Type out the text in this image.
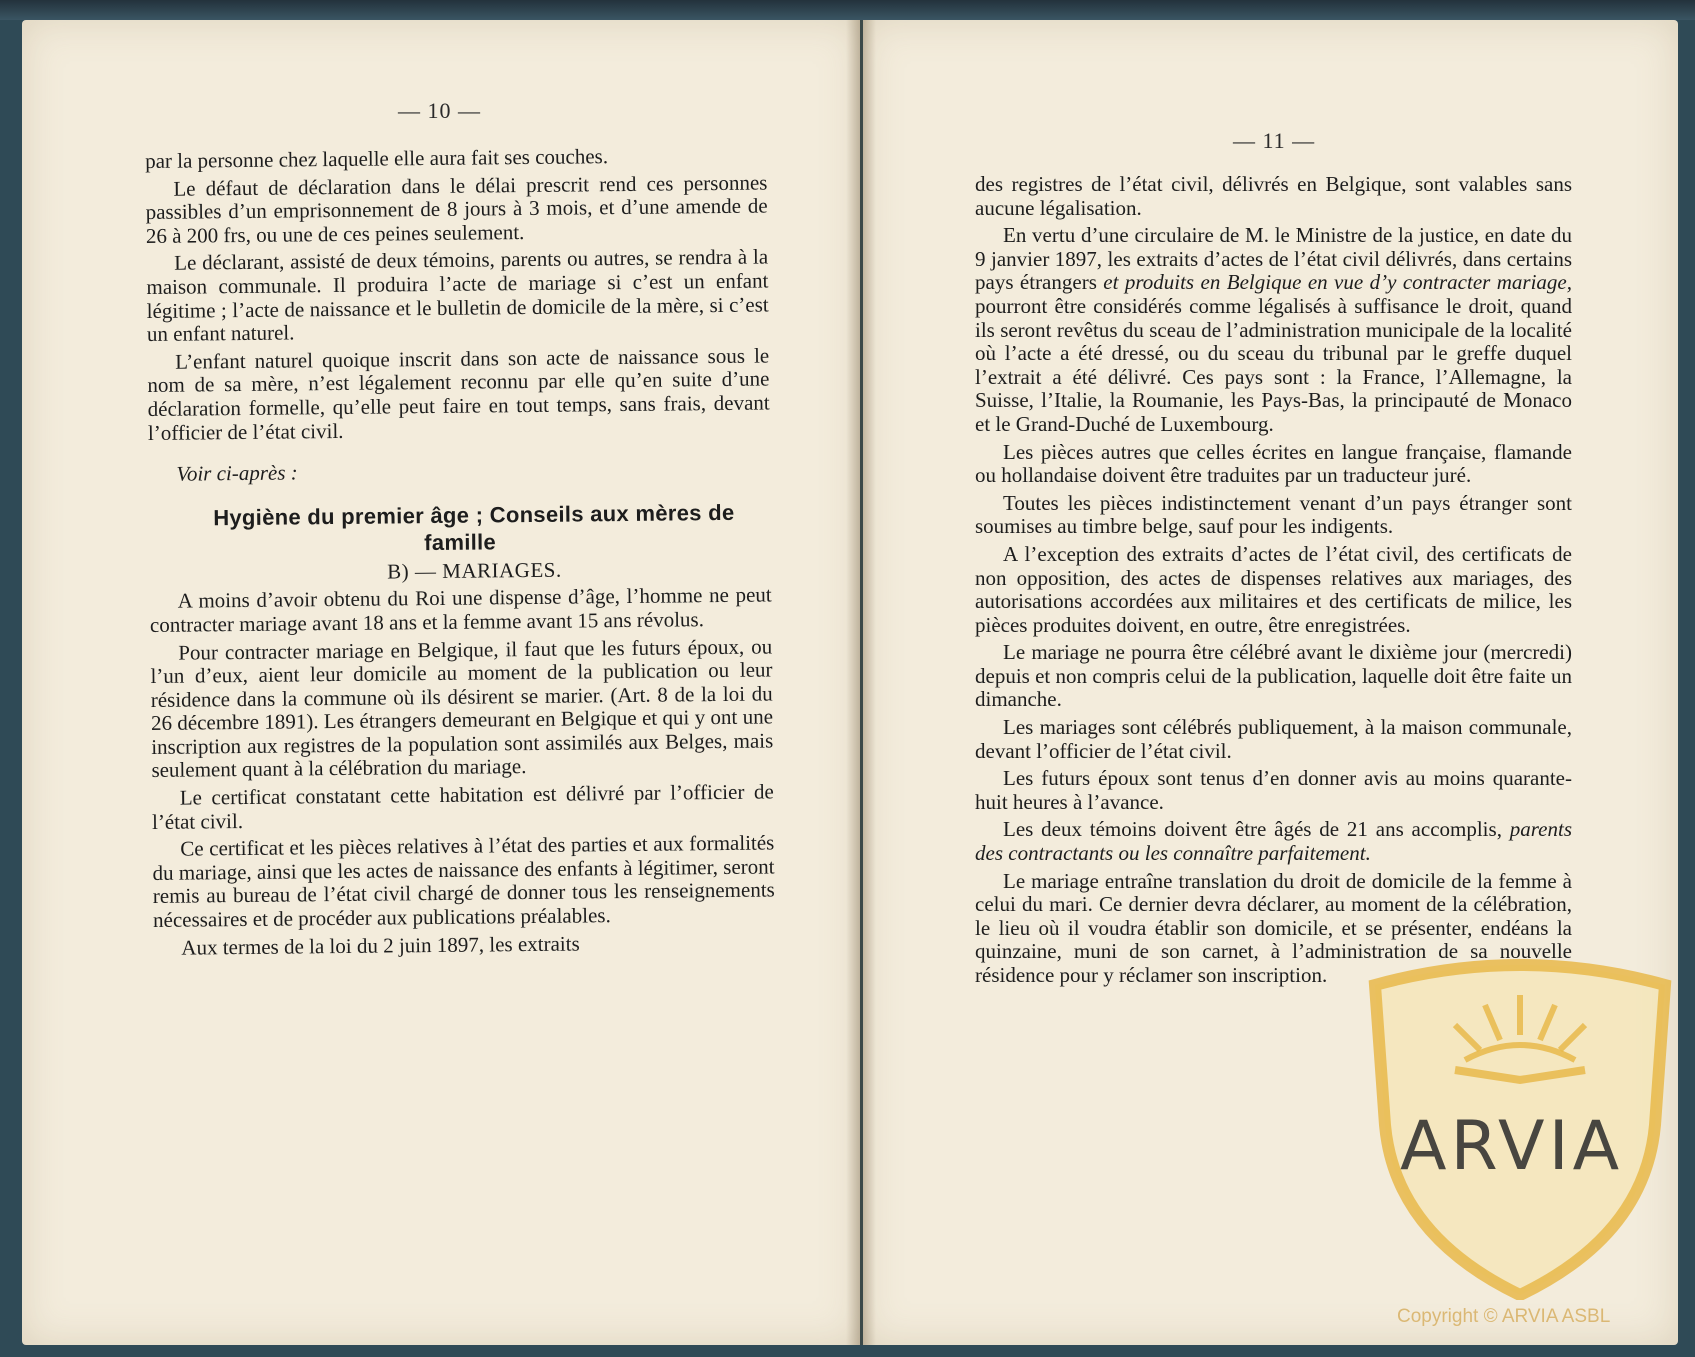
— 10 —

par la personne chez laquelle elle aura fait ses couches.

Le défaut de déclaration dans le délai prescrit rend ces personnes passibles d’un emprisonnement de 8 jours à 3 mois, et d’une amende de 26 à 200 frs, ou une de ces peines seulement.

Le déclarant, assisté de deux témoins, parents ou autres, se rendra à la maison communale. Il produira l’acte de mariage si c’est un enfant légitime ; l’acte de naissance et le bulletin de domicile de la mère, si c’est un enfant naturel.

L’enfant naturel quoique inscrit dans son acte de naissance sous le nom de sa mère, n’est légalement reconnu par elle qu’en suite d’une déclaration formelle, qu’elle peut faire en tout temps, sans frais, devant l’officier de l’état civil.

Voir ci-après :

Hygiène du premier âge ; Conseils aux mères de famille

B) — MARIAGES.

A moins d’avoir obtenu du Roi une dispense d’âge, l’homme ne peut contracter mariage avant 18 ans et la femme avant 15 ans révolus.

Pour contracter mariage en Belgique, il faut que les futurs époux, ou l’un d’eux, aient leur domicile au moment de la publication ou leur résidence dans la commune où ils désirent se marier. (Art. 8 de la loi du 26 décembre 1891). Les étrangers demeurant en Belgique et qui y ont une inscription aux registres de la population sont assimilés aux Belges, mais seulement quant à la célébration du mariage.

Le certificat constatant cette habitation est délivré par l’officier de l’état civil.

Ce certificat et les pièces relatives à l’état des parties et aux formalités du mariage, ainsi que les actes de naissance des enfants à légitimer, seront remis au bureau de l’état civil chargé de donner tous les renseignements nécessaires et de procéder aux publications préalables.

Aux termes de la loi du 2 juin 1897, les extraits

— 11 —

des registres de l’état civil, délivrés en Belgique, sont valables sans aucune légalisation.

En vertu d’une circulaire de M. le Ministre de la justice, en date du 9 janvier 1897, les extraits d’actes de l’état civil délivrés, dans certains pays étrangers et produits en Belgique en vue d’y contracter mariage, pourront être considérés comme légalisés à suffisance le droit, quand ils seront revêtus du sceau de l’administration municipale de la localité où l’acte a été dressé, ou du sceau du tribunal par le greffe duquel l’extrait a été délivré. Ces pays sont : la France, l’Allemagne, la Suisse, l’Italie, la Roumanie, les Pays-Bas, la principauté de Monaco et le Grand-Duché de Luxembourg.

Les pièces autres que celles écrites en langue française, flamande ou hollandaise doivent être traduites par un traducteur juré.

Toutes les pièces indistinctement venant d’un pays étranger sont soumises au timbre belge, sauf pour les indigents.

A l’exception des extraits d’actes de l’état civil, des certificats de non opposition, des actes de dispenses relatives aux mariages, des autorisations accordées aux militaires et des certificats de milice, les pièces produites doivent, en outre, être enregistrées.

Le mariage ne pourra être célébré avant le dixième jour (mercredi) depuis et non compris celui de la publication, laquelle doit être faite un dimanche.

Les mariages sont célébrés publiquement, à la maison communale, devant l’officier de l’état civil.

Les futurs époux sont tenus d’en donner avis au moins quarante-huit heures à l’avance.

Les deux témoins doivent être âgés de 21 ans accomplis, parents des contractants ou les connaître parfaitement.

Le mariage entraîne translation du droit de domicile de la femme à celui du mari. Ce dernier devra déclarer, au moment de la célébration, le lieu où il voudra établir son domicile, et se présenter, endéans la quinzaine, muni de son carnet, à l’administration de sa nouvelle résidence pour y réclamer son inscription.

ARVIA
Copyright © ARVIA ASBL
